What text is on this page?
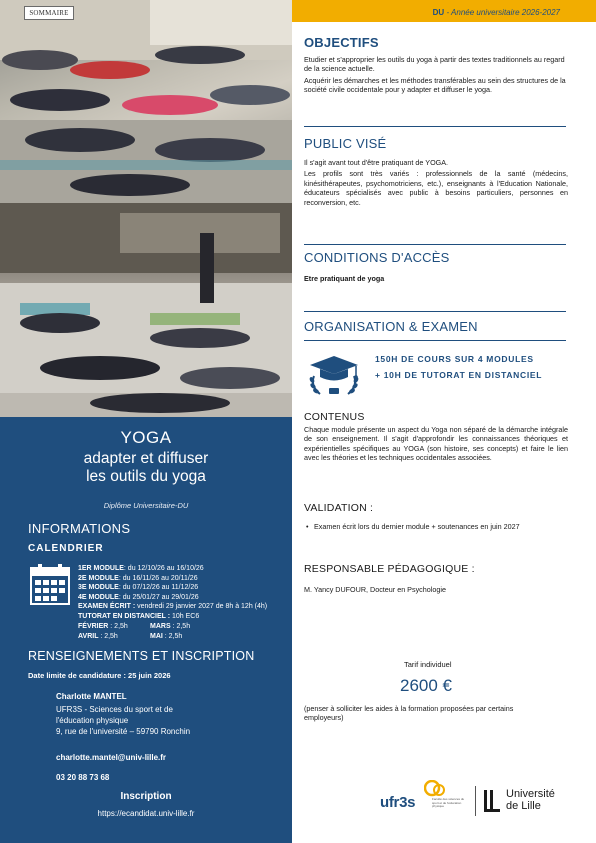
SOMMAIRE
YOGA
adapter et diffuser
les outils du yoga
Diplôme Universitaire-DU
INFORMATIONS
CALENDRIER
1ER MODULE: du 12/10/26 au 16/10/26
2E MODULE: du 16/11/26 au 20/11/26
3E MODULE: du 07/12/26 au 11/12/26
4E MODULE: du 25/01/27 au 29/01/26
EXAMEN ÉCRIT : vendredi 29 janvier 2027 de 8h à 12h (4h)
TUTORAT EN DISTANCIEL : 10h EC6
FÉVRIER : 2,5h	MARS : 2,5h
AVRIL : 2,5h	MAI : 2,5h
RENSEIGNEMENTS ET INSCRIPTION
Date limite de candidature : 25 juin 2026
Charlotte MANTEL
UFR3S - Sciences du sport et de
l'éducation physique
9, rue de l'université – 59790 Ronchin
charlotte.mantel@univ-lille.fr
03 20 88 73 68
Inscription
https://ecandidat.univ-lille.fr
DU - Année universitaire 2026-2027
OBJECTIFS

Etudier et s'approprier les outils du yoga à partir des textes traditionnels au regard de la science actuelle.

Acquérir les démarches et les méthodes transférables au sein des structures de la société civile occidentale pour y adapter et diffuser le yoga.

PUBLIC VISÉ

Il s'agit avant tout d'être pratiquant de YOGA.

Les profils sont très variés : professionnels de la santé (médecins, kinésithérapeutes, psychomotriciens, etc.), enseignants à l'Education Nationale, éducateurs spécialisés avec public à besoins particuliers, personnes en reconversion, etc.

CONDITIONS D'ACCÈS
Etre pratiquant de yoga
ORGANISATION & EXAMEN
150H DE COURS SUR 4 MODULES
+ 10H DE TUTORAT EN DISTANCIEL
CONTENUS
Chaque module présente un aspect du Yoga non séparé de la démarche intégrale de son enseignement. Il s'agit d'approfondir les connaissances théoriques et expérientielles spécifiques au YOGA (son histoire, ses concepts) et faire le lien avec les théories et les techniques occidentales associées.
VALIDATION :
• Examen écrit lors du dernier module + soutenances en juin 2027
RESPONSABLE PÉDAGOGIQUE :
M. Yancy DUFOUR, Docteur en Psychologie
Tarif individuel
2600 €
(penser à solliciter les aides à la formation proposées par certains employeurs)
ufr3s	Faculté des sciences du sport et de l'éducation physique
Université
de Lille
